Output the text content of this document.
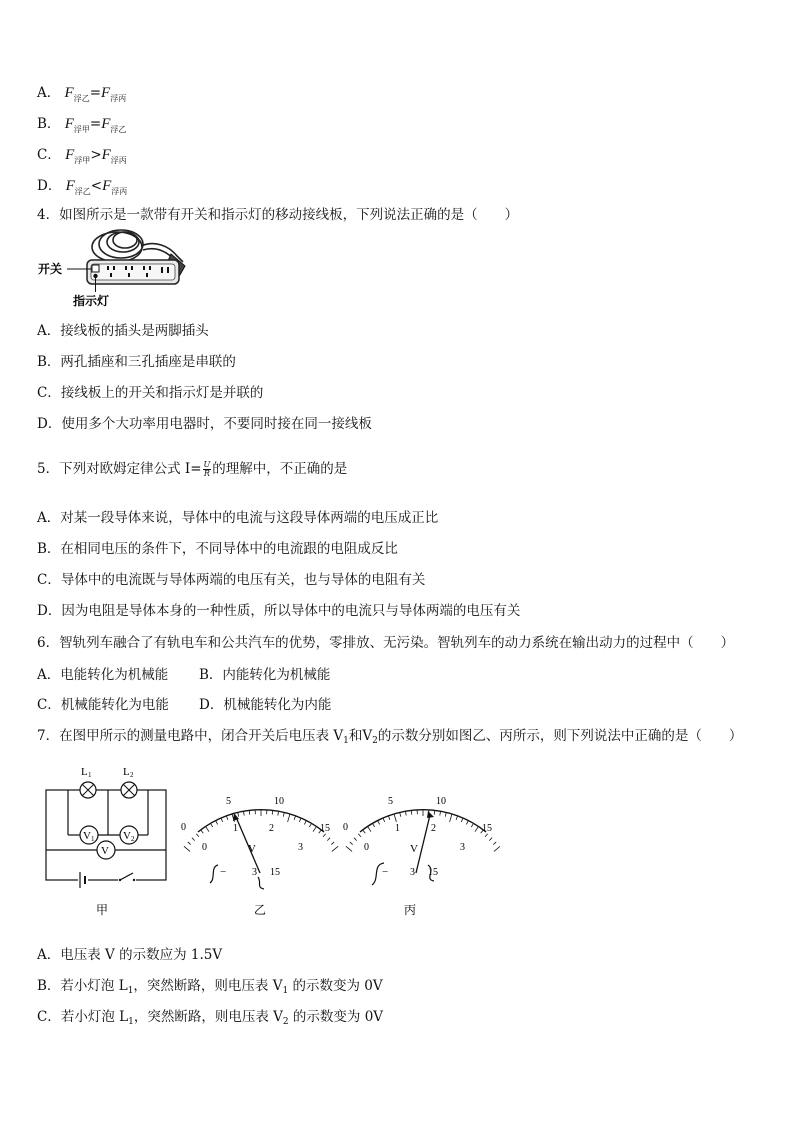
A． $F_{浮乙}=F_{浮丙}$
B． $F_{浮甲}=F_{浮乙}$
C． $F_{浮甲}>F_{浮丙}$
D． $F_{浮乙}<F_{浮丙}$
4．如图所示是一款带有开关和指示灯的移动接线板，下列说法正确的是（　　）
开关
指示灯
A．接线板的插头是两脚插头
B．两孔插座和三孔插座是串联的
C．接线板上的开关和指示灯是并联的
D．使用多个大功率用电器时，不要同时接在同一接线板
5．下列对欧姆定律公式 $I= \frac{U}{R}$ 的理解中，不正确的是
A．对某一段导体来说，导体中的电流与这段导体两端的电压成正比
B．在相同电压的条件下，不同导体中的电流跟的电阻成反比
C．导体中的电流既与导体两端的电压有关，也与导体的电阻有关
D．因为电阻是导体本身的一种性质，所以导体中的电流只与导体两端的电压有关
6．智轨列车融合了有轨电车和公共汽车的优势，零排放、无污染。智轨列车的动力系统在输出动力的过程中（　　）
A．电能转化为机械能 B．内能转化为机械能
C．机械能转化为电能 D．机械能转化为内能
7．在图甲所示的测量电路中，闭合开关后电压表 $V_1$和$V_2$的示数分别如图乙、丙所示，则下列说法中正确的是（　　）
V 1	V 2
V
L 1	L 2
甲
5	10
15
0
0
1	2
3
V
−	3 15
乙
5	10
15
0
0
1	2
3
V
− 3 15
丙
A．电压表 V 的示数应为 1.5V
B．若小灯泡 $L_1$，突然断路，则电压表 $V_1$ 的示数变为 0V
C．若小灯泡 $L_1$，突然断路，则电压表 $V_2$ 的示数变为 0V
